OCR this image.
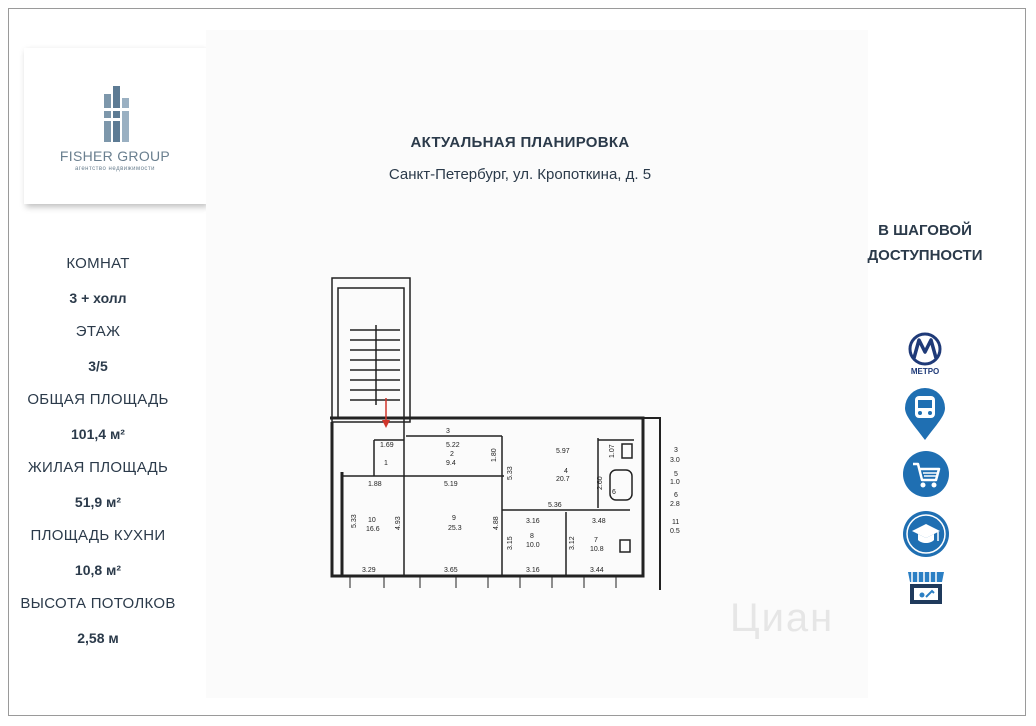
FISHER GROUP
агентство недвижимости
КОМНАТ
3 + холл
ЭТАЖ
3/5
ОБЩАЯ ПЛОЩАДЬ
101,4 м²
ЖИЛАЯ ПЛОЩАДЬ
51,9 м²
ПЛОЩАДЬ КУХНИ
10,8 м²
ВЫСОТА ПОТОЛКОВ
2,58 м
АКТУАЛЬНАЯ ПЛАНИРОВКА
Санкт-Петербург, ул. Кропоткина, д. 5
3
5.22
1.69
2
9.4
1
1.80	5.97
4
20.7
5.33
1.07
2.60
6
5.36
1.88	5.19
10
16.6
5.33	4.93	9
25.3	4.88	3.16
8
10.0
3.15	3.12
3.48
7
10.8
3.29	3.65	3.16	3.44
3
3.0
5
1.0
6
2.8
11
0.5
Циан
В ШАГОВОЙ
ДОСТУПНОСТИ
МЕТРО
